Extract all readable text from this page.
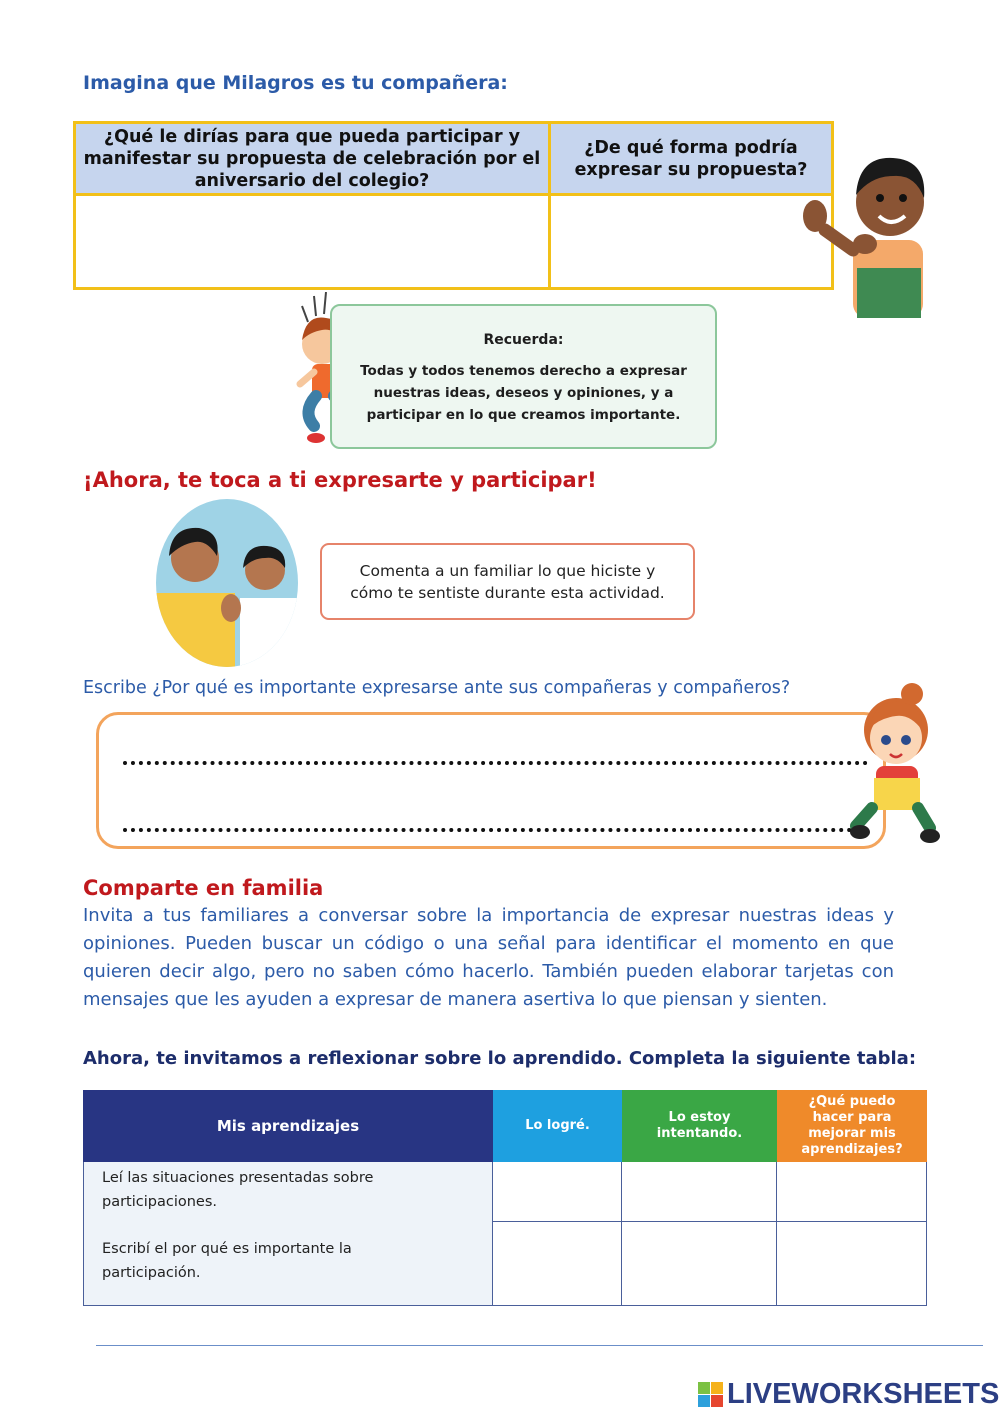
Imagina que Milagros es tu compañera:
¿Qué le dirías para que pueda participar y manifestar su propuesta de celebración por el aniversario del colegio?
¿De qué forma podría expresar su propuesta?
Recuerda:
Todas y todos tenemos derecho a expresar nuestras ideas, deseos y opiniones, y a participar en lo que creamos importante.
¡Ahora, te toca a ti expresarte y participar!
Comenta a un familiar lo que hiciste y cómo te sentiste durante esta actividad.
Escribe ¿Por qué es importante expresarse ante sus compañeras y compañeros?
Comparte en familia
Invita a tus familiares a conversar sobre la importancia de expresar nuestras ideas y opiniones. Pueden buscar un código o una señal para identificar el momento en que quieren decir algo, pero no saben cómo hacerlo. También pueden elaborar tarjetas con mensajes que les ayuden a expresar de manera asertiva lo que piensan y sienten.
Ahora, te invitamos a reflexionar sobre lo aprendido. Completa la siguiente tabla:
Mis aprendizajes	Lo logré.
Lo estoy intentando.
¿Qué puedo hacer para mejorar mis aprendizajes?
Leí las situaciones presentadas sobre participaciones.
Escribí el por qué es importante la participación.
LIVEWORKSHEETS
